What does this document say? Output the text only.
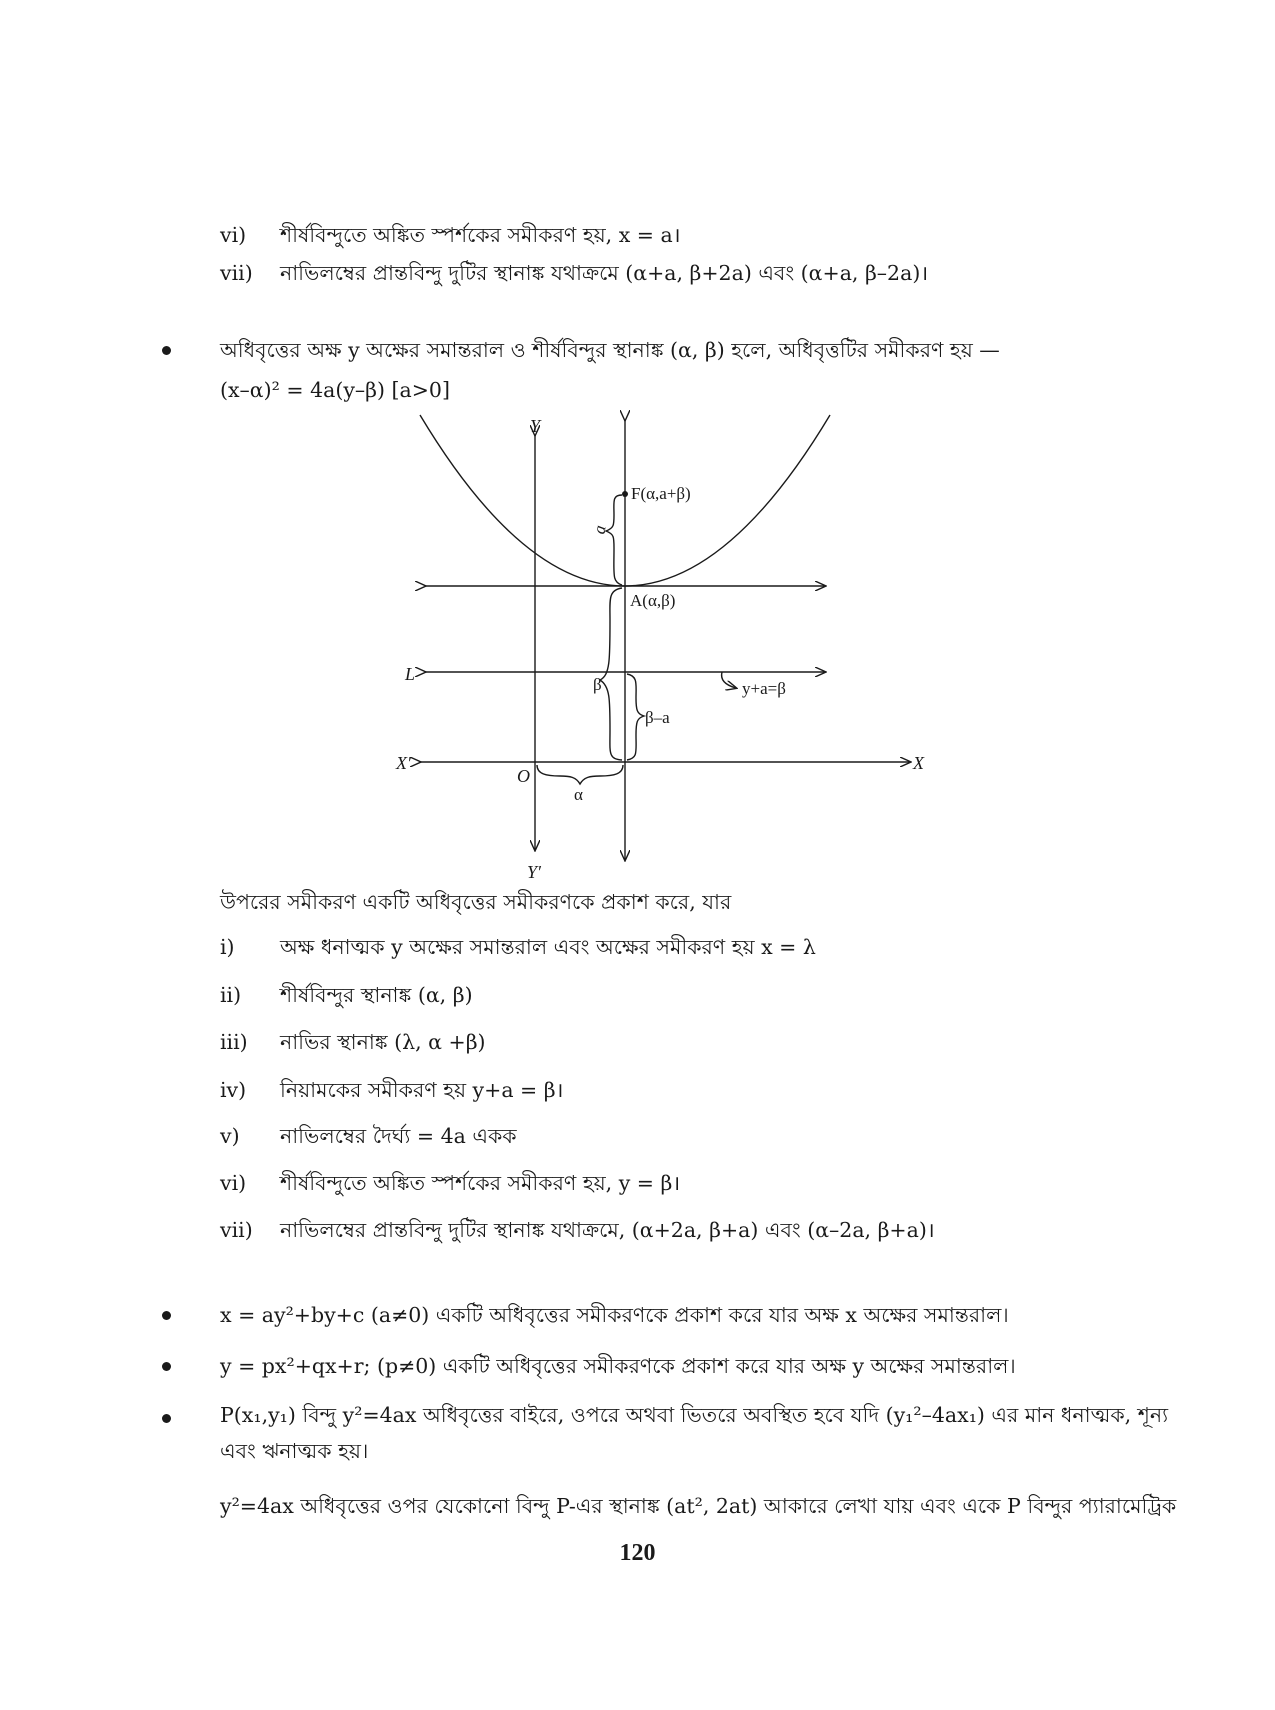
vi) শীর্ষবিন্দুতে অঙ্কিত স্পর্শকের সমীকরণ হয়, x = a।
vii) নাভিলম্বের প্রান্তবিন্দু দুটির স্থানাঙ্ক যথাক্রমে (α+a, β+2a) এবং (α+a, β–2a)।
অধিবৃত্তের অক্ষ y অক্ষের সমান্তরাল ও শীর্ষবিন্দুর স্থানাঙ্ক (α, β) হলে, অধিবৃত্তটির সমীকরণ হয় —
(x–α)² = 4a(y–β) [a>0]
Y
Y′
X
X′
O
L
F(α,a+β)
A(α,β)
a
β
β–a
y+a=β
α
উপরের সমীকরণ একটি অধিবৃত্তের সমীকরণকে প্রকাশ করে, যার
i) অক্ষ ধনাত্মক y অক্ষের সমান্তরাল এবং অক্ষের সমীকরণ হয় x = λ
ii) শীর্ষবিন্দুর স্থানাঙ্ক (α, β)
iii) নাভির স্থানাঙ্ক (λ, α +β)
iv) নিয়ামকের সমীকরণ হয় y+a = β।
v) নাভিলম্বের দৈর্ঘ্য = 4a একক
vi) শীর্ষবিন্দুতে অঙ্কিত স্পর্শকের সমীকরণ হয়, y = β।
vii) নাভিলম্বের প্রান্তবিন্দু দুটির স্থানাঙ্ক যথাক্রমে, (α+2a, β+a) এবং (α–2a, β+a)।
x = ay²+by+c (a≠0) একটি অধিবৃত্তের সমীকরণকে প্রকাশ করে যার অক্ষ x অক্ষের সমান্তরাল।
y = px²+qx+r; (p≠0) একটি অধিবৃত্তের সমীকরণকে প্রকাশ করে যার অক্ষ y অক্ষের সমান্তরাল।
P(x₁,y₁) বিন্দু y²=4ax অধিবৃত্তের বাইরে, ওপরে অথবা ভিতরে অবস্থিত হবে যদি (y₁²–4ax₁) এর মান ধনাত্মক, শূন্য এবং ঋনাত্মক হয়।
y²=4ax অধিবৃত্তের ওপর যেকোনো বিন্দু P-এর স্থানাঙ্ক (at², 2at) আকারে লেখা যায় এবং একে P বিন্দুর প্যারামেট্রিক
120
